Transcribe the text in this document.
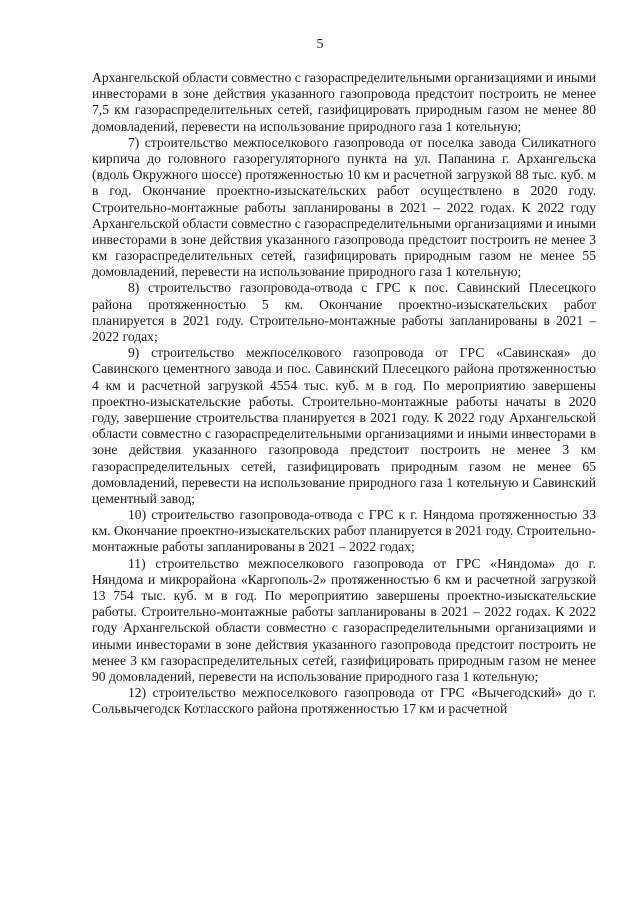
5

Архангельской области совместно с газораспределительными организациями и иными инвесторами в зоне действия указанного газопровода предстоит построить не менее 7,5 км газораспределительных сетей, газифицировать природным газом не менее 80 домовладений, перевести на использование природного газа 1 котельную;

7) строительство межпоселкового газопровода от поселка завода Силикатного кирпича до головного газорегуляторного пункта на ул. Папанина г. Архангельска (вдоль Окружного шоссе) протяженностью 10 км и расчетной загрузкой 88 тыс. куб. м в год. Окончание проектно-изыскательских работ осуществлено в 2020 году. Строительно-монтажные работы запланированы в 2021 – 2022 годах. К 2022 году Архангельской области совместно с газораспределительными организациями и иными инвесторами в зоне действия указанного газопровода предстоит построить не менее 3 км газораспределительных сетей, газифицировать природным газом не менее 55 домовладений, перевести на использование природного газа 1 котельную;

8) строительство газопровода-отвода с ГРС к пос. Савинский Плесецкого района протяженностью 5 км. Окончание проектно-изыскательских работ планируется в 2021 году. Строительно-монтажные работы запланированы в 2021 – 2022 годах;

9) строительство межпоселкового газопровода от ГРС «Савинская» до Савинского цементного завода и пос. Савинский Плесецкого района протяженностью 4 км и расчетной загрузкой 4554 тыс. куб. м в год. По мероприятию завершены проектно-изыскательские работы. Строительно-монтажные работы начаты в 2020 году, завершение строительства планируется в 2021 году. К 2022 году Архангельской области совместно с газораспределительными организациями и иными инвесторами в зоне действия указанного газопровода предстоит построить не менее 3 км газораспределительных сетей, газифицировать природным газом не менее 65 домовладений, перевести на использование природного газа 1 котельную и Савинский цементный завод;

10) строительство газопровода-отвода с ГРС к г. Няндома протяженностью 33 км. Окончание проектно-изыскательских работ планируется в 2021 году. Строительно-монтажные работы запланированы в 2021 – 2022 годах;

11) строительство межпоселкового газопровода от ГРС «Няндома» до г. Няндома и микрорайона «Каргополь-2» протяженностью 6 км и расчетной загрузкой 13 754 тыс. куб. м в год. По мероприятию завершены проектно-изыскательские работы. Строительно-монтажные работы запланированы в 2021 – 2022 годах. К 2022 году Архангельской области совместно с газораспределительными организациями и иными инвесторами в зоне действия указанного газопровода предстоит построить не менее 3 км газораспределительных сетей, газифицировать природным газом не менее 90 домовладений, перевести на использование природного газа 1 котельную;

12) строительство межпоселкового газопровода от ГРС «Вычегодский» до г. Сольвычегодск Котласского района протяженностью 17 км и расчетной
